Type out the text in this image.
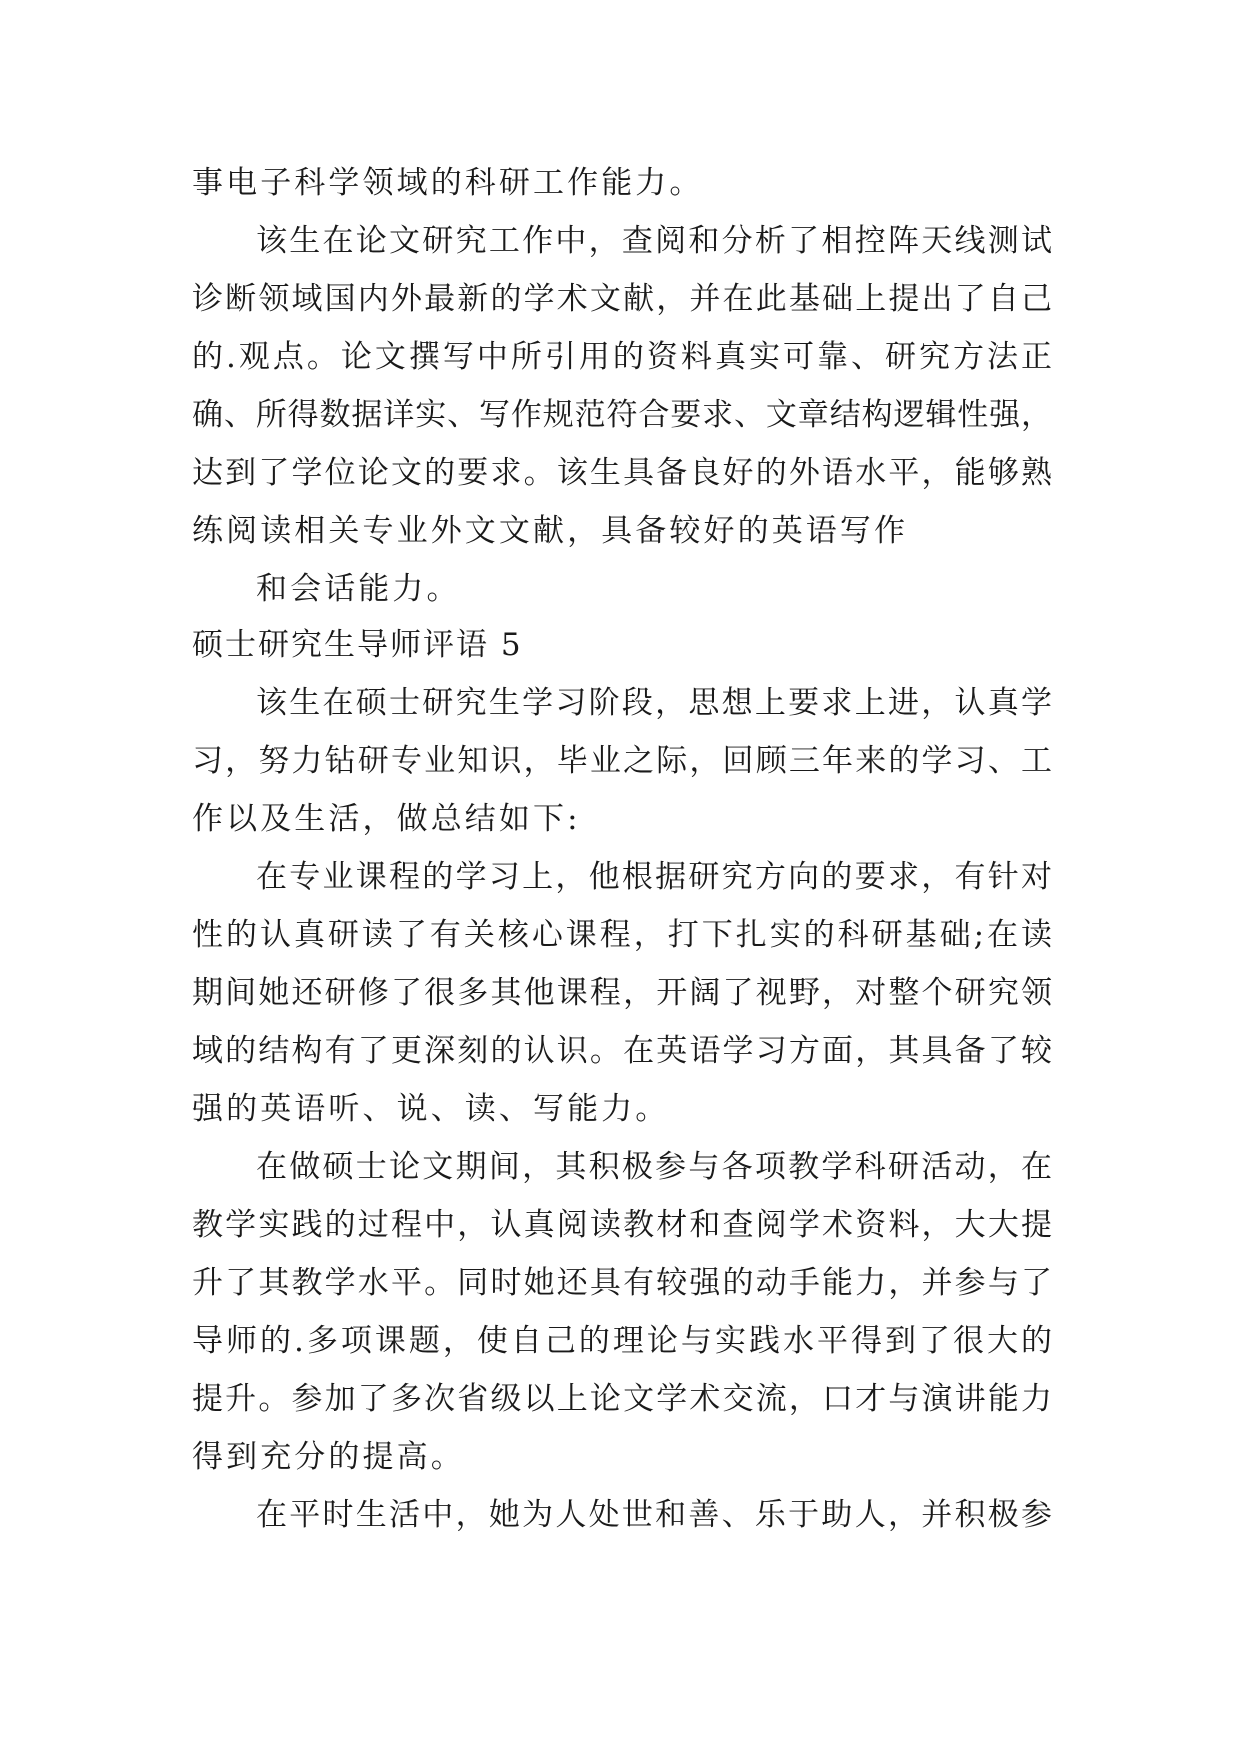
事电子科学领域的科研工作能力。
该生在论文研究工作中，查阅和分析了相控阵天线测试
诊断领域国内外最新的学术文献，并在此基础上提出了自己
的.观点。论文撰写中所引用的资料真实可靠、研究方法正
确、所得数据详实、写作规范符合要求、文章结构逻辑性强，
达到了学位论文的要求。该生具备良好的外语水平，能够熟
练阅读相关专业外文文献，具备较好的英语写作
和会话能力。
硕士研究生导师评语 5
该生在硕士研究生学习阶段，思想上要求上进，认真学
习，努力钻研专业知识，毕业之际，回顾三年来的学习、工
作以及生活，做总结如下:
在专业课程的学习上，他根据研究方向的要求，有针对
性的认真研读了有关核心课程，打下扎实的科研基础;在读
期间她还研修了很多其他课程，开阔了视野，对整个研究领
域的结构有了更深刻的认识。在英语学习方面，其具备了较
强的英语听、说、读、写能力。
在做硕士论文期间，其积极参与各项教学科研活动，在
教学实践的过程中，认真阅读教材和查阅学术资料，大大提
升了其教学水平。同时她还具有较强的动手能力，并参与了
导师的.多项课题，使自己的理论与实践水平得到了很大的
提升。参加了多次省级以上论文学术交流，口才与演讲能力
得到充分的提高。
在平时生活中，她为人处世和善、乐于助人，并积极参
